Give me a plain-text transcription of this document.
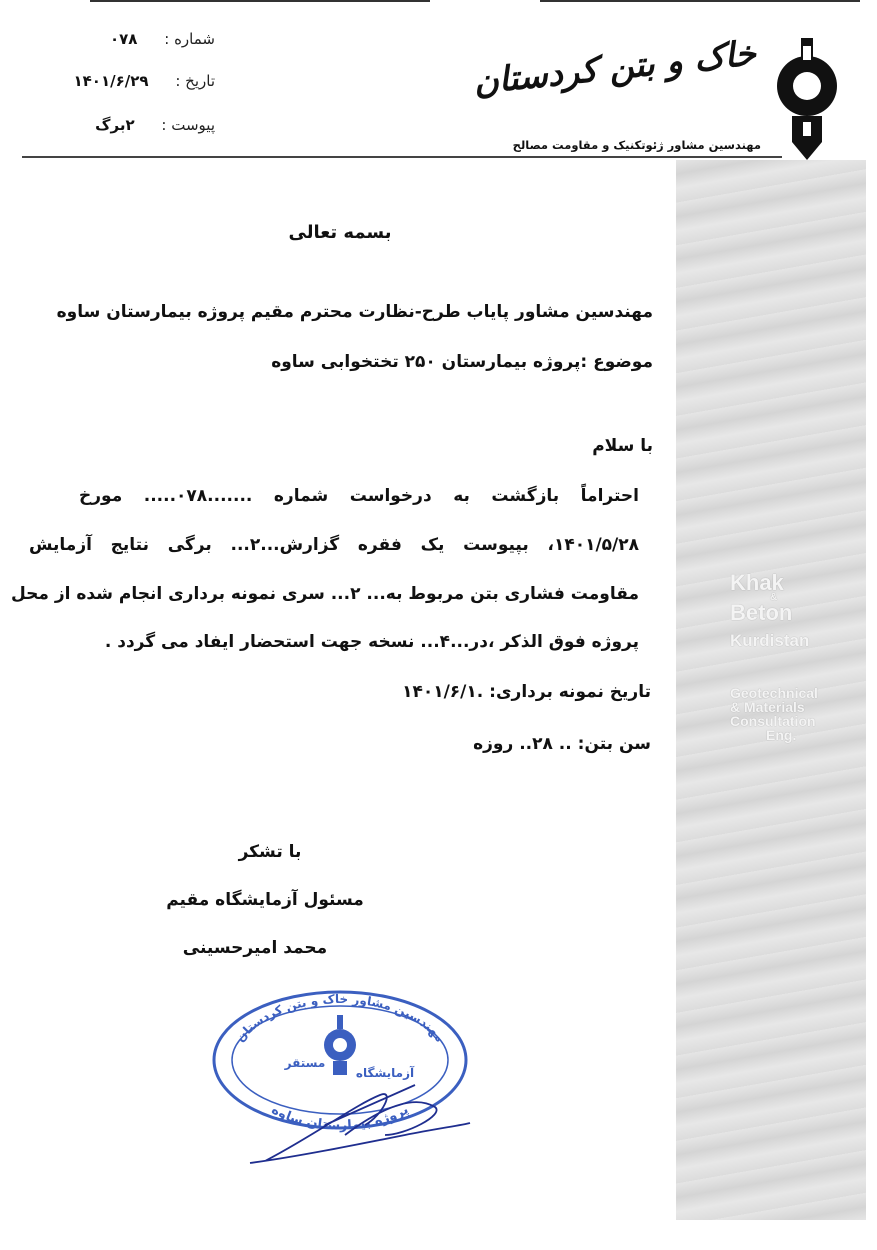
Khak
&
Beton
Kurdistan
Geotechnical
& Materials
Consultation
Eng.
شماره : ۰۷۸
تاریخ : ۱۴۰۱/۶/۲۹
پیوست : ۲برگ
خاک و بتن کردستان
مهندسین مشاور ژئوتکنیک و مقاومت مصالح
بسمه تعالی
مهندسین مشاور پایاب طرح-نظارت محترم مقیم پروژه بیمارستان ساوه
موضوع :پروژه بیمارستان ۲۵۰ تختخوابی ساوه
با سلام
احتراماً بازگشت به درخواست شماره .......۰۷۸..... مورخ
۱۴۰۱/۵/۲۸، بپیوست یک فقره گزارش...۲... برگی نتایج آزمایش
مقاومت فشاری بتن مربوط به... ۲... سری نمونه برداری انجام شده از محل
پروژه فوق الذکر ،در...۴... نسخه جهت استحضار ایفاد می گردد .
تاریخ نمونه برداری: .۱۴۰۱/۶/۱
سن بتن: .. ۲۸.. روزه
با تشکر
مسئول آزمایشگاه مقیم
محمد امیرحسینی
مهندسین مشاور خاک و بتن کردستان
پروژه بیمارستان ساوه
مستقر
آزمایشگاه
